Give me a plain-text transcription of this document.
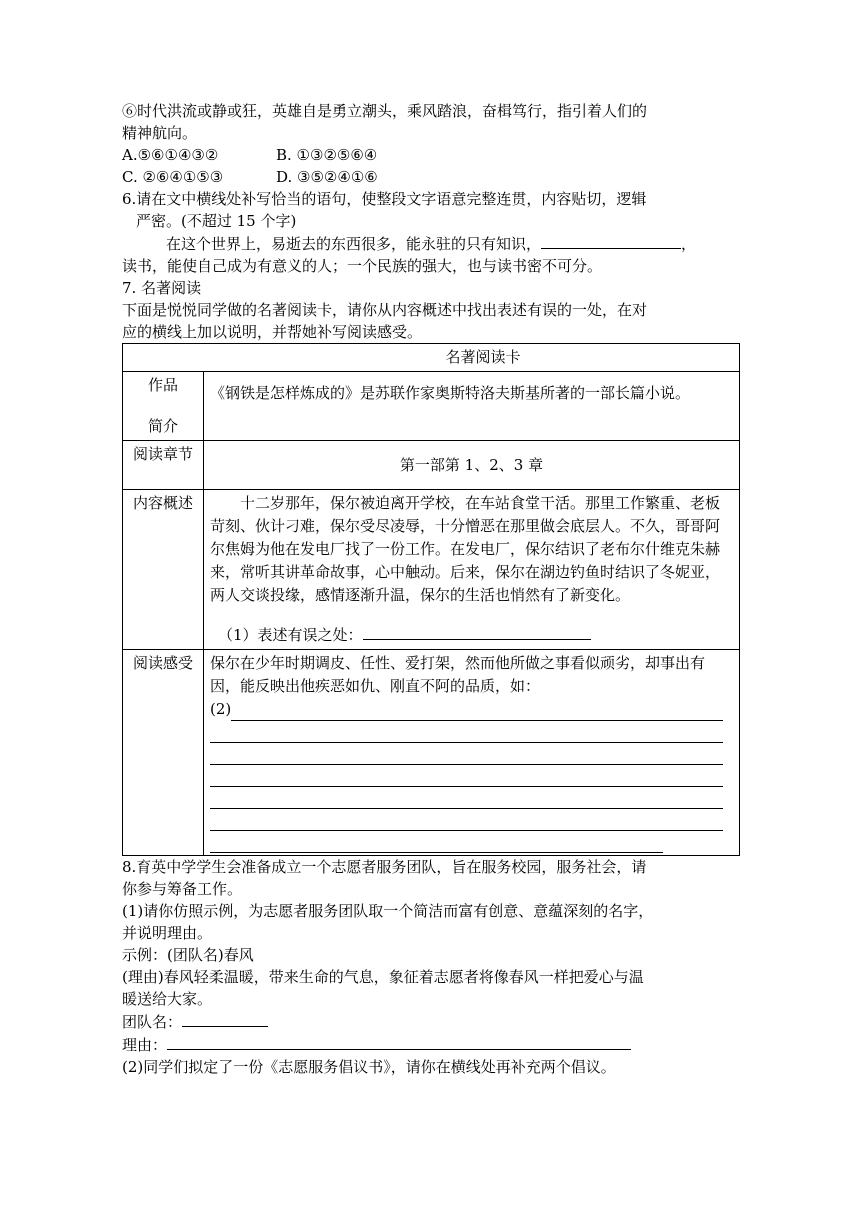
⑥时代洪流或静或狂，英雄自是勇立潮头，乘风踏浪，奋楫笃行，指引着人们的

精神航向。

A.⑤⑥①④③②	B. ①③②⑤⑥④

C. ②⑥④①⑤③	D. ③⑤②④①⑥

6.请在文中横线处补写恰当的语句，使整段文字语意完整连贯，内容贴切，逻辑

严密。(不超过 15 个字)

在这个世界上，易逝去的东西很多，能永驻的只有知识，	，

读书，能使自己成为有意义的人；一个民族的强大，也与读书密不可分。

7. 名著阅读

下面是悦悦同学做的名著阅读卡，请你从内容概述中找出表述有误的一处，在对

应的横线上加以说明，并帮她补写阅读感受。

名著阅读卡	

作品
简介	《钢铁是怎样炼成的》是苏联作家奥斯特洛夫斯基所著的一部长篇小说。
阅读章节	第一部第 1、2、3 章
内容概述	十二岁那年，保尔被迫离开学校，在车站食堂干活。那里工作繁重、老板苛刻、伙计刁难，保尔受尽凌辱，十分憎恶在那里做会底层人。不久，哥哥阿尔焦姆为他在发电厂找了一份工作。在发电厂，保尔结识了老布尔什维克朱赫来，常听其讲革命故事，心中触动。后来，保尔在湖边钓鱼时结识了冬妮亚，两人交谈投缘，感情逐渐升温，保尔的生活也悄然有了新变化。
（1）表述有误之处：

阅读感受	保尔在少年时期调皮、任性、爱打架，然而他所做之事看似顽劣，却事出有因，能反映出他疾恶如仇、刚直不阿的品质，如：
(2)

8.育英中学学生会准备成立一个志愿者服务团队，旨在服务校园，服务社会，请

你参与筹备工作。

(1)请你仿照示例，为志愿者服务团队取一个简洁而富有创意、意蕴深刻的名字，

并说明理由。

示例：(团队名)春风

(理由)春风轻柔温暖，带来生命的气息，象征着志愿者将像春风一样把爱心与温

暖送给大家。

团队名：

理由：

(2)同学们拟定了一份《志愿服务倡议书》，请你在横线处再补充两个倡议。
